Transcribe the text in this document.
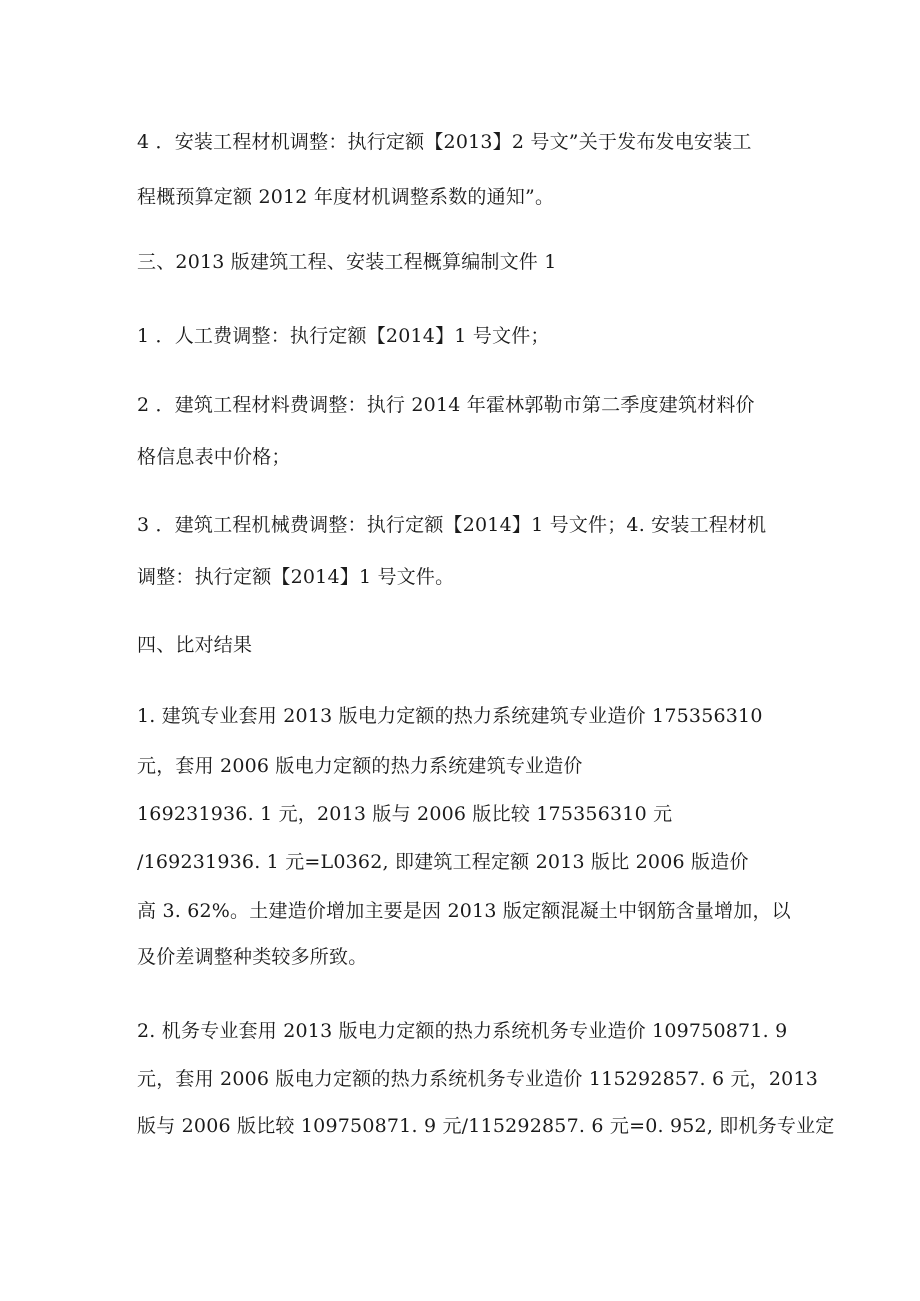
4 ．安装工程材机调整：执行定额【2013】2 号文”关于发布发电安装工
程概预算定额 2012 年度材机调整系数的通知”。
三、2013 版建筑工程、安装工程概算编制文件 1
1 ．人工费调整：执行定额【2014】1 号文件；
2 ．建筑工程材料费调整：执行 2014 年霍林郭勒市第二季度建筑材料价
格信息表中价格；
3 ．建筑工程机械费调整：执行定额【2014】1 号文件；4. 安装工程材机
调整：执行定额【2014】1 号文件。
四、比对结果
1. 建筑专业套用 2013 版电力定额的热力系统建筑专业造价 175356310
元，套用 2006 版电力定额的热力系统建筑专业造价
169231936. 1 元，2013 版与 2006 版比较 175356310 元
/169231936. 1 元=L0362, 即建筑工程定额 2013 版比 2006 版造价
高 3. 62%。土建造价增加主要是因 2013 版定额混凝土中钢筋含量增加，以
及价差调整种类较多所致。
2. 机务专业套用 2013 版电力定额的热力系统机务专业造价 109750871. 9
元，套用 2006 版电力定额的热力系统机务专业造价 115292857. 6 元，2013
版与 2006 版比较 109750871. 9 元/115292857. 6 元=0. 952, 即机务专业定
